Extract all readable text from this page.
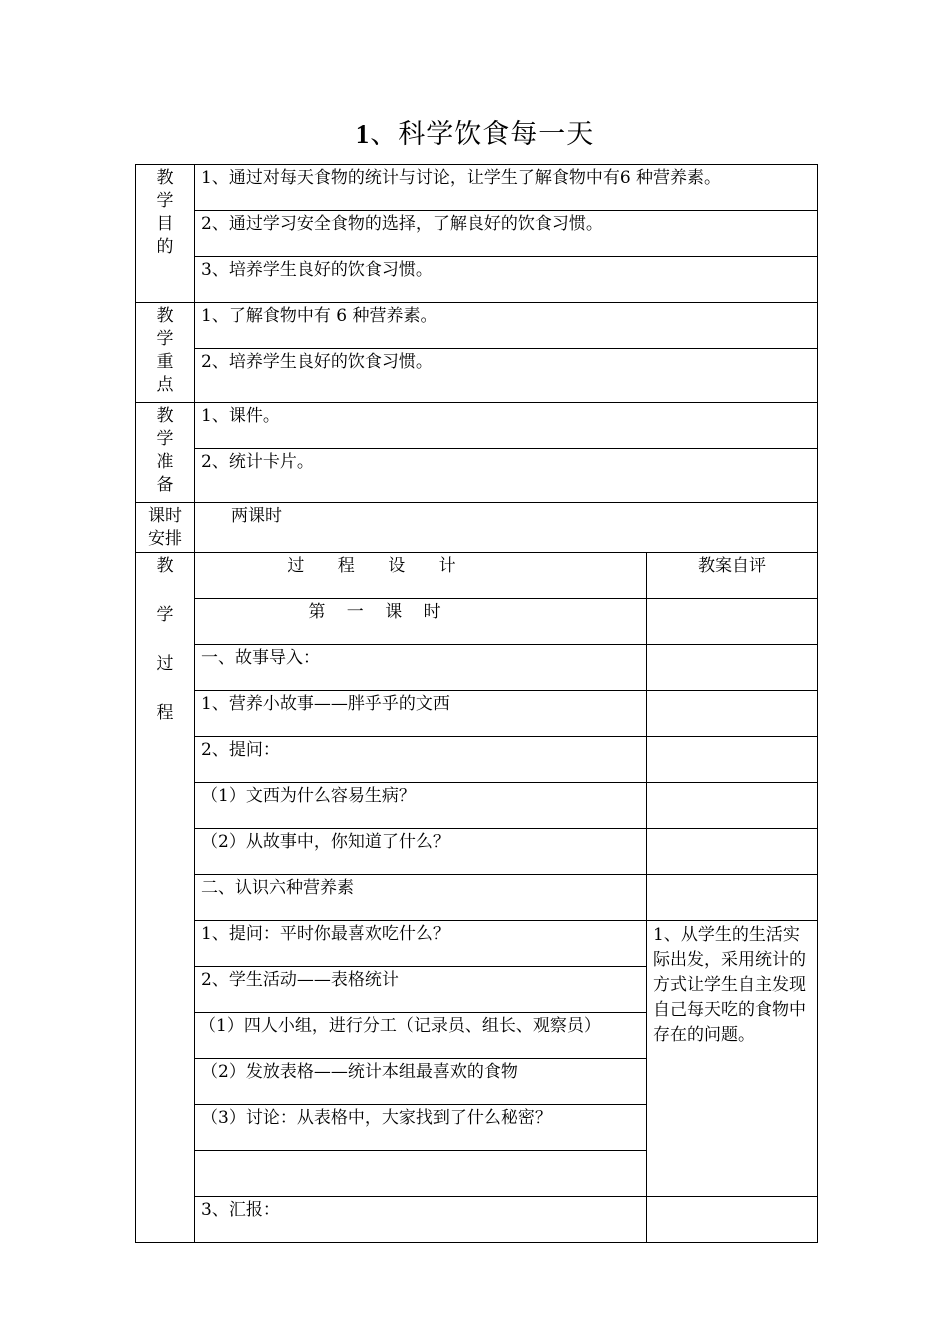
1、科学饮食每一天
教
学
目
的	1、通过对每天食物的统计与讨论，让学生了解食物中有6 种营养素。	
	2、通过学习安全食物的选择，了解良好的饮食习惯。	
	3、培养学生良好的饮食习惯。	

教
学
重
点	1、了解食物中有 6 种营养素。	
	2、培养学生良好的饮食习惯。	

教
学
准
备	1、课件。	
	2、统计卡片。	

课时
安排	两课时	

教
学
过
程	过 程 设 计	教案自评
	第 一 课 时	
	一、故事导入：	
	1、营养小故事——胖乎乎的文西	
	2、提问：	
	（1）文西为什么容易生病？	
	（2）从故事中，你知道了什么？	
	二、认识六种营养素	
	1、提问：平时你最喜欢吃什么？	1、从学生的生活实际出发，采用统计的方式让学生自主发现自己每天吃的食物中存在的问题。
	2、学生活动——表格统计	
	（1）四人小组，进行分工（记录员、组长、观察员）	
	（2）发放表格——统计本组最喜欢的食物	
	（3）讨论：从表格中，大家找到了什么秘密？	

	3、汇报：	
